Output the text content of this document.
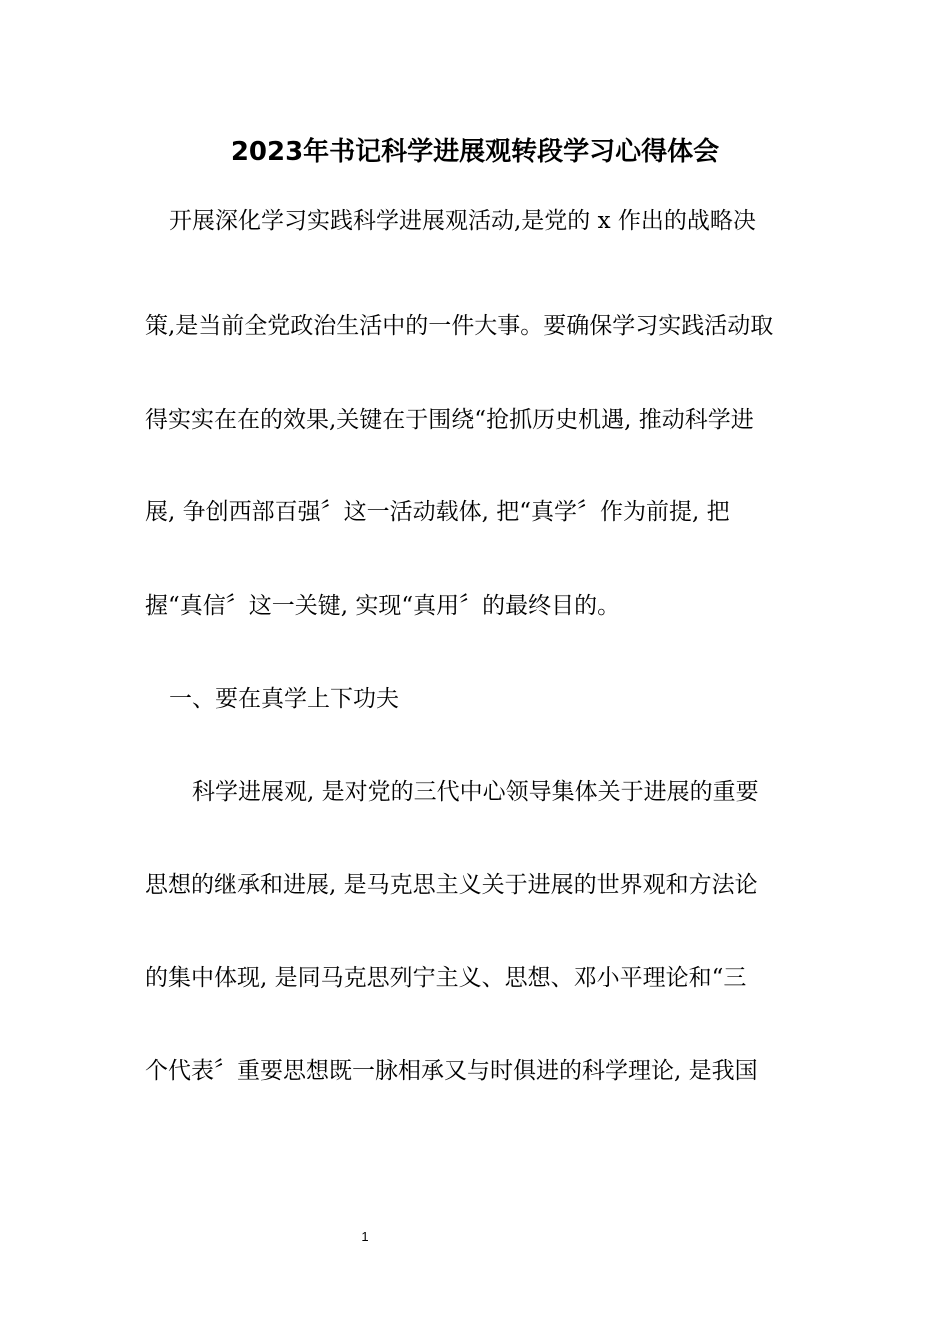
2023年书记科学进展观转段学习心得体会

开展深化学习实践科学进展观活动,是党的 x 作出的战略决

策,是当前全党政治生活中的一件大事。要确保学习实践活动取

得实实在在的效果,关键在于围绕“抢抓历史机遇, 推动科学进

展, 争创西部百强〞这一活动载体, 把“真学〞作为前提, 把

握“真信〞这一关键, 实现“真用〞的最终目的。

一、要在真学上下功夫

科学进展观, 是对党的三代中心领导集体关于进展的重要

思想的继承和进展, 是马克思主义关于进展的世界观和方法论

的集中体现, 是同马克思列宁主义、思想、邓小平理论和“三

个代表〞重要思想既一脉相承又与时俱进的科学理论, 是我国

1
